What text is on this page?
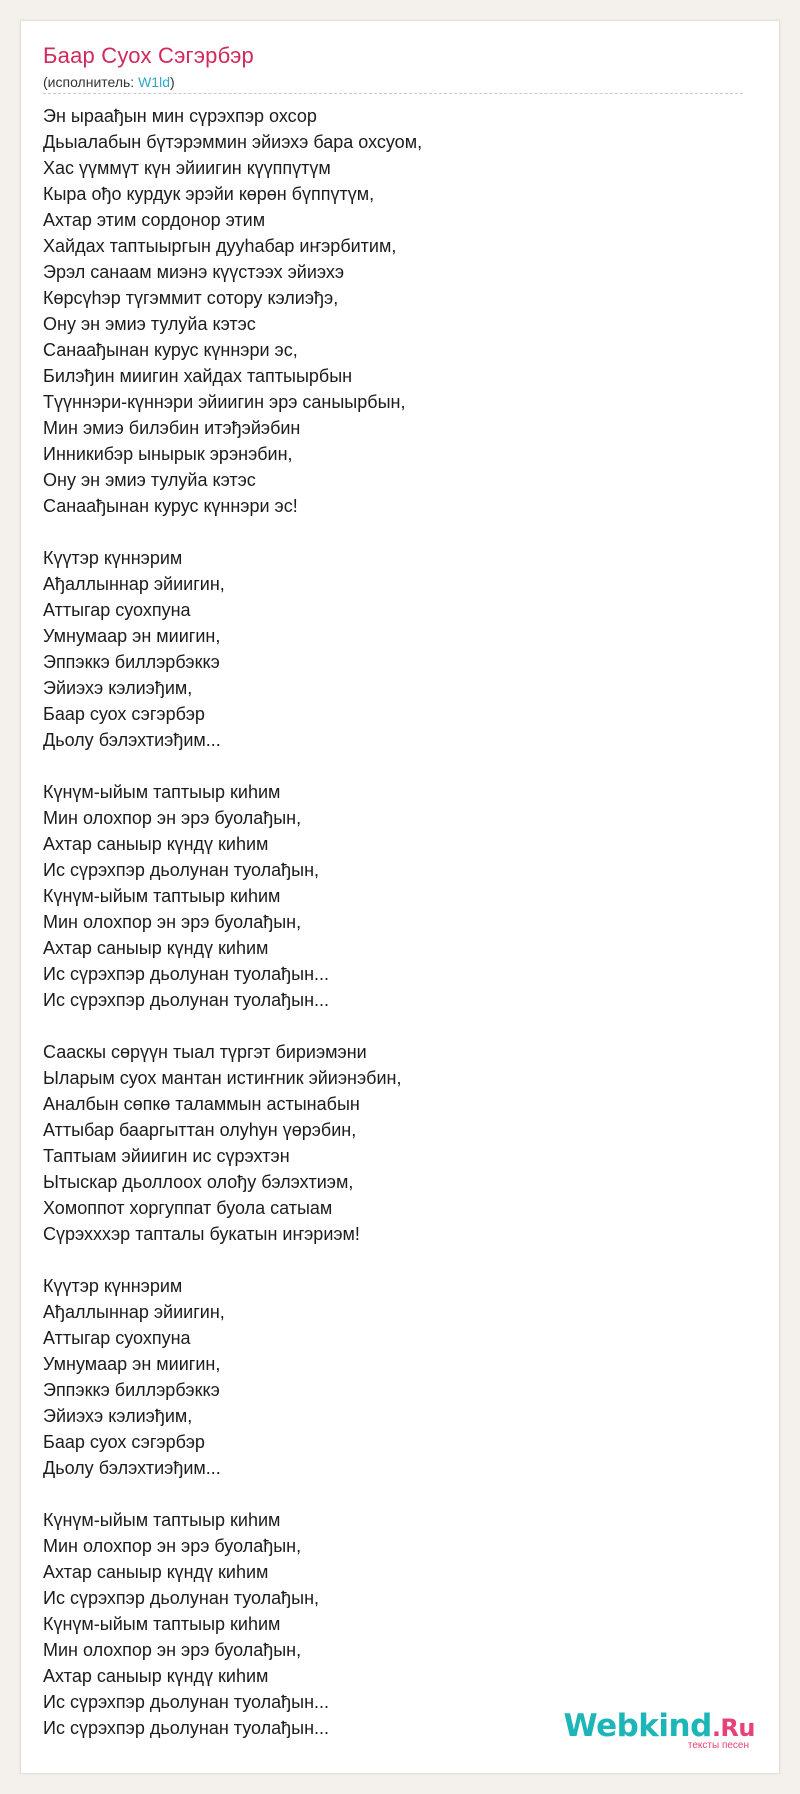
Баар Суох Сэгэрбэр
(исполнитель: W1ld)
Эн ыраађын мин сүрэхпэр охсор
Дьыалабын бүтэрэммин эйиэхэ бара охсуом,
Хас үүммүт күн эйиигин күүппүтүм
Кыра ођо курдук эрэйи көрөн бүппүтүм,
Ахтар этим сордонор этим
Хайдах таптыыргын дууһабар иҥэрбитим,
Эрэл санаам миэнэ күүстээх эйиэхэ
Көрсүһэр түгэммит сотору кэлиэђэ,
Ону эн эмиэ тулуйа кэтэс
Санаађынан курус күннэри эс,
Билэђин миигин хайдах таптыырбын
Түүннэри-күннэри эйиигин эрэ саныырбын,
Мин эмиэ билэбин итэђэйэбин
Инникибэр ынырык эрэнэбин,
Ону эн эмиэ тулуйа кэтэс
Санаађынан курус күннэри эс!
Күүтэр күннэрим
Ађаллыннар эйиигин,
Аттыгар суохпуна
Умнумаар эн миигин,
Эппэккэ биллэрбэккэ
Эйиэхэ кэлиэђим,
Баар суох сэгэрбэр
Дьолу бэлэхтиэђим...
Күнүм-ыйым таптыыр киһим
Мин олохпор эн эрэ буолађын,
Ахтар саныыр күндү киһим
Ис сүрэхпэр дьолунан туолађын,
Күнүм-ыйым таптыыр киһим
Мин олохпор эн эрэ буолађын,
Ахтар саныыр күндү киһим
Ис сүрэхпэр дьолунан туолађын...
Ис сүрэхпэр дьолунан туолађын...
Саaскы сөрүүн тыал түргэт бириэмэни
Ыларым суох мантан истиҥник эйиэнэбин,
Аналбын сөпкө таламмын астынабын
Аттыбар бааргыттан олуһун үөрэбин,
Таптыам эйиигин ис сүрэхтэн
Ытыскар дьоллоох олођу бэлэхтиэм,
Хомоппот хоргуппат буола сатыам
Сүрэхххэр тапталы букатын иҥэриэм!
Күүтэр күннэрим
Ађаллыннар эйиигин,
Аттыгар суохпуна
Умнумаар эн миигин,
Эппэккэ биллэрбэккэ
Эйиэхэ кэлиэђим,
Баар суох сэгэрбэр
Дьолу бэлэхтиэђим...
Күнүм-ыйым таптыыр киһим
Мин олохпор эн эрэ буолађын,
Ахтар саныыр күндү киһим
Ис сүрэхпэр дьолунан туолађын,
Күнүм-ыйым таптыыр киһим
Мин олохпор эн эрэ буолађын,
Ахтар саныыр күндү киһим
Ис сүрэхпэр дьолунан туолађын...
Ис сүрэхпэр дьолунан туолађын...	Webkind.Ru
тексты песен
